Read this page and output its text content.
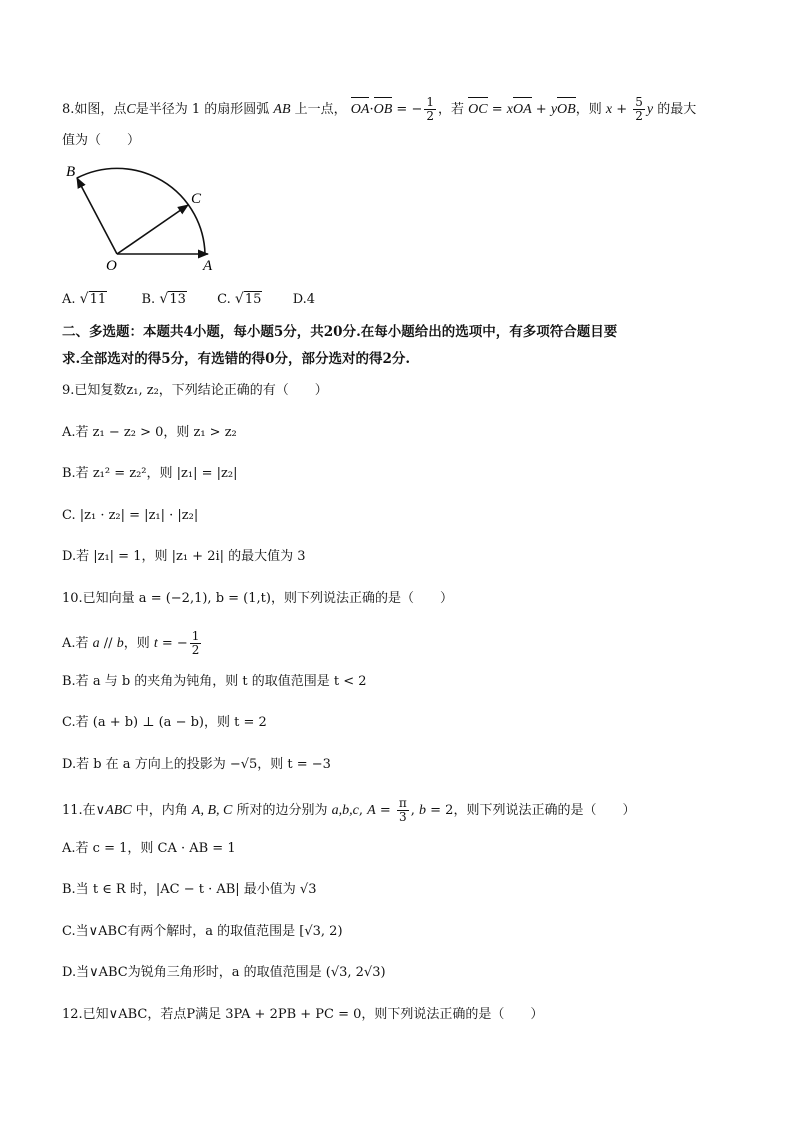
8.如图，点C是半径为 1 的扇形圆弧 AB 上一点， OA·OB = − $\frac{1}{2}$ ，若 OC = xOA + yOB，则 $x + \frac{5}{2}$ y 的最大
值为（　　）
B
C
O	A
A. √ 11	B. √ 13 C. √ 15 D.4
二、多选题：本题共4小题，每小题5分，共20分.在每小题给出的选项中，有多项符合题目要
求.全部选对的得5分，有选错的得0分，部分选对的得2分.
9.已知复数z₁, z₂，下列结论正确的有（　　）
A.若 z₁ − z₂ > 0，则 z₁ > z₂
B.若 z₁² = z₂²，则 |z₁| = |z₂|
C. |z₁ · z₂| = |z₁| · |z₂|
D.若 |z₁| = 1，则 |z₁ + 2i| 的最大值为 3
10.已知向量 a = (−2,1), b = (1,t)，则下列说法正确的是（　　）
A.若 a // b，则 t = − $\frac{1}{2}$
B.若 a 与 b 的夹角为钝角，则 t 的取值范围是 t < 2
C.若 (a + b) ⊥ (a − b)，则 t = 2
D.若 b 在 a 方向上的投影为 −√5，则 t = −3
11.在∨ABC 中，内角 A, B, C 所对的边分别为 a,b,c, $A = \frac{\pi}{3}$ , b = 2，则下列说法正确的是（　　）
A.若 c = 1，则 CA · AB = 1
B.当 t ∈ R 时，|AC − t · AB| 最小值为 √3
C.当∨ABC有两个解时，a 的取值范围是 [√3, 2)
D.当∨ABC为锐角三角形时，a 的取值范围是 (√3, 2√3)
12.已知∨ABC，若点P满足 3PA + 2PB + PC = 0，则下列说法正确的是（　　）
